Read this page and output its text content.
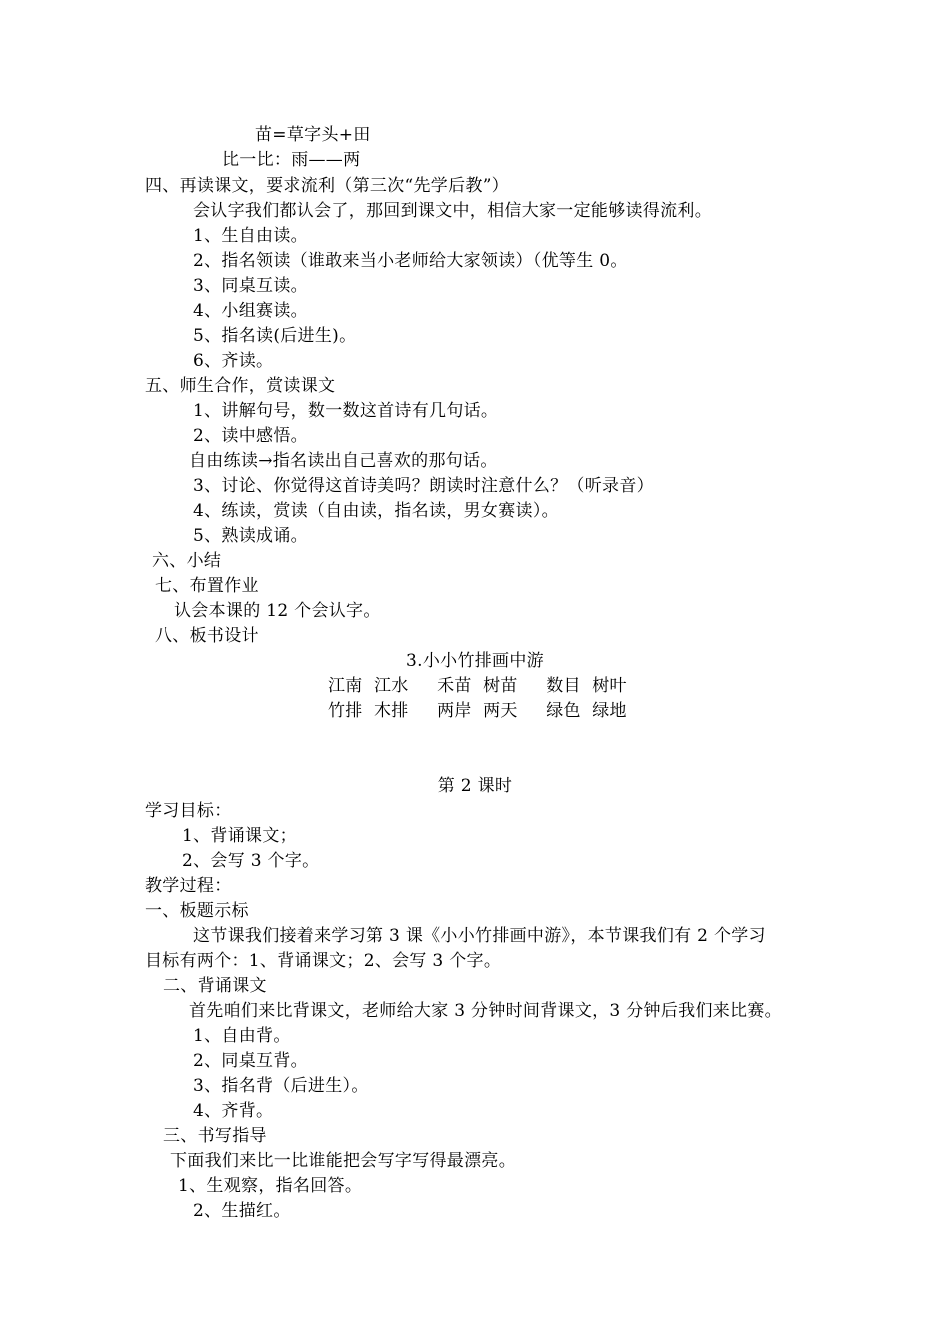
苗=草字头+田
比一比：雨——两
四、再读课文，要求流利（第三次“先学后教”）
会认字我们都认会了，那回到课文中，相信大家一定能够读得流利。
1、生自由读。
2、指名领读（谁敢来当小老师给大家领读）（优等生 0。
3、同桌互读。
4、小组赛读。
5、指名读(后进生)。
6、齐读。
五、师生合作，赏读课文
1、讲解句号，数一数这首诗有几句话。
2、读中感悟。
自由练读→指名读出自己喜欢的那句话。
3、讨论、你觉得这首诗美吗？朗读时注意什么？（听录音）
4、练读，赏读（自由读，指名读，男女赛读）。
5、熟读成诵。
六、小结
七、布置作业
认会本课的 12 个会认字。
八、板书设计
3.小小竹排画中游
江南  江水     禾苗  树苗     数目  树叶
竹排  木排     两岸  两天     绿色  绿地
第 2 课时
学习目标：
1、背诵课文；
2、会写 3 个字。
教学过程：
一、板题示标
这节课我们接着来学习第 3 课《小小竹排画中游》，本节课我们有 2 个学习
目标有两个：1、背诵课文；2、会写 3 个字。
二、背诵课文
首先咱们来比背课文，老师给大家 3 分钟时间背课文，3 分钟后我们来比赛。
1、自由背。
2、同桌互背。
3、指名背（后进生）。
4、齐背。
三、书写指导
下面我们来比一比谁能把会写字写得最漂亮。
1、生观察，指名回答。
2、生描红。
